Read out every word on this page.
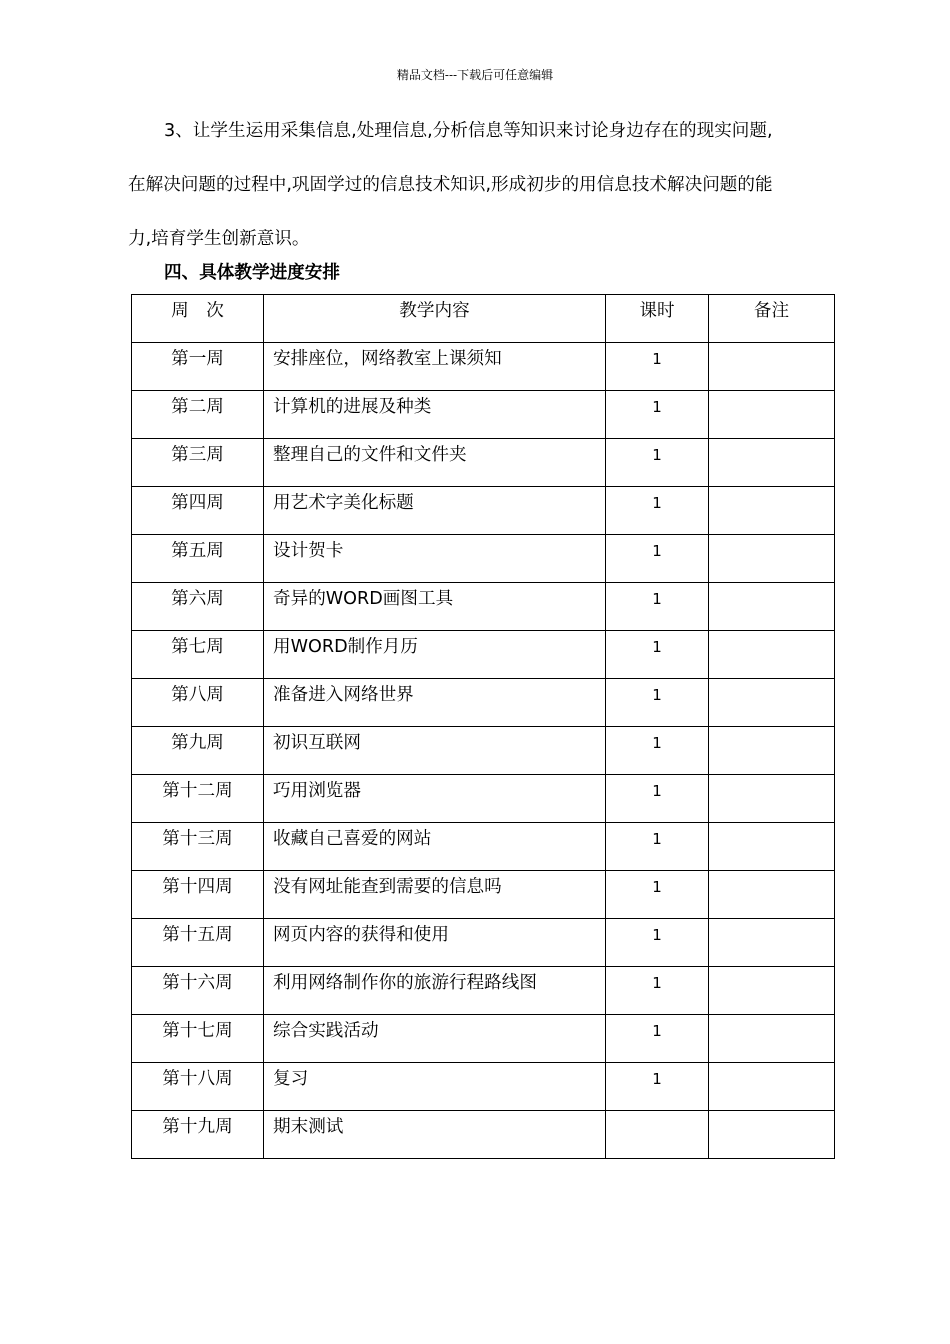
精品文档---下载后可任意编辑

3、让学生运用采集信息,处理信息,分析信息等知识来讨论身边存在的现实问题,
在解决问题的过程中,巩固学过的信息技术知识,形成初步的用信息技术解决问题的能
力,培育学生创新意识。

四、具体教学进度安排
周　次	教学内容	课时	备注

第一周	安排座位，网络教室上课须知	1	

第二周	计算机的进展及种类	1	

第三周	整理自己的文件和文件夹	1	

第四周	用艺术字美化标题	1	

第五周	设计贺卡	1	

第六周	奇异的WORD画图工具	1	

第七周	用WORD制作月历	1	

第八周	准备进入网络世界	1	

第九周	初识互联网	1	

第十二周	巧用浏览器	1	

第十三周	收藏自己喜爱的网站	1	

第十四周	没有网址能查到需要的信息吗	1	

第十五周	网页内容的获得和使用	1	

第十六周	利用网络制作你的旅游行程路线图	1	

第十七周	综合实践活动	1	

第十八周	复习	1	

第十九周	期末测试		
